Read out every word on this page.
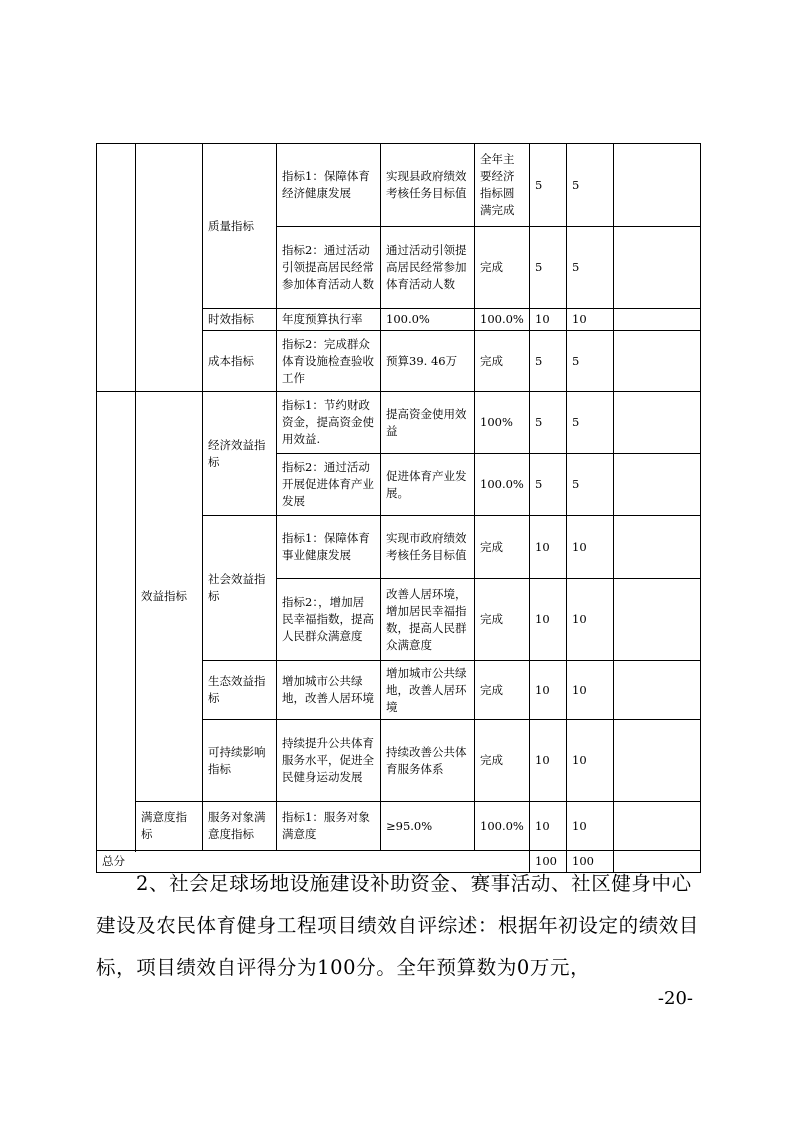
		质量指标	指标1：保障体育经济健康发展	实现县政府绩效考核任务目标值	全年主要经济指标圆满完成	5	5	
			指标2：通过活动引领提高居民经常参加体育活动人数	通过活动引领提高居民经常参加体育活动人数	完成	5	5	
		时效指标	年度预算执行率	100.0%	100.0%	10	10	
		成本指标	指标2：完成群众体育设施检查验收工作	预算39. 46万	完成	5	5	

	效益指标	经济效益指标	指标1：节约财政资金，提高资金使用效益.	提高资金使用效益	100%	5	5	
			指标2：通过活动开展促进体育产业发展	促进体育产业发展。	100.0%	5	5	
		社会效益指标	指标1：保障体育事业健康发展	实现市政府绩效考核任务目标值	完成	10	10	
			指标2：，增加居民幸福指数，提高人民群众满意度	改善人居环境，增加居民幸福指数，提高人民群众满意度	完成	10	10	
		生态效益指标	增加城市公共绿地，改善人居环境	增加城市公共绿地，改善人居环境	完成	10	10	
		可持续影响指标	持续提升公共体育服务水平，促进全民健身运动发展	持续改善公共体育服务体系	完成	10	10	
	满意度指标	服务对象满意度指标	指标1：服务对象满意度	≥95.0%	100.0%	10	10	

总分						100	100	
2、社会足球场地设施建设补助资金、赛事活动、社区健身中心建设及农民体育健身工程项目绩效自评综述：根据年初设定的绩效目标，项目绩效自评得分为100分。全年预算数为0万元，
-20-
